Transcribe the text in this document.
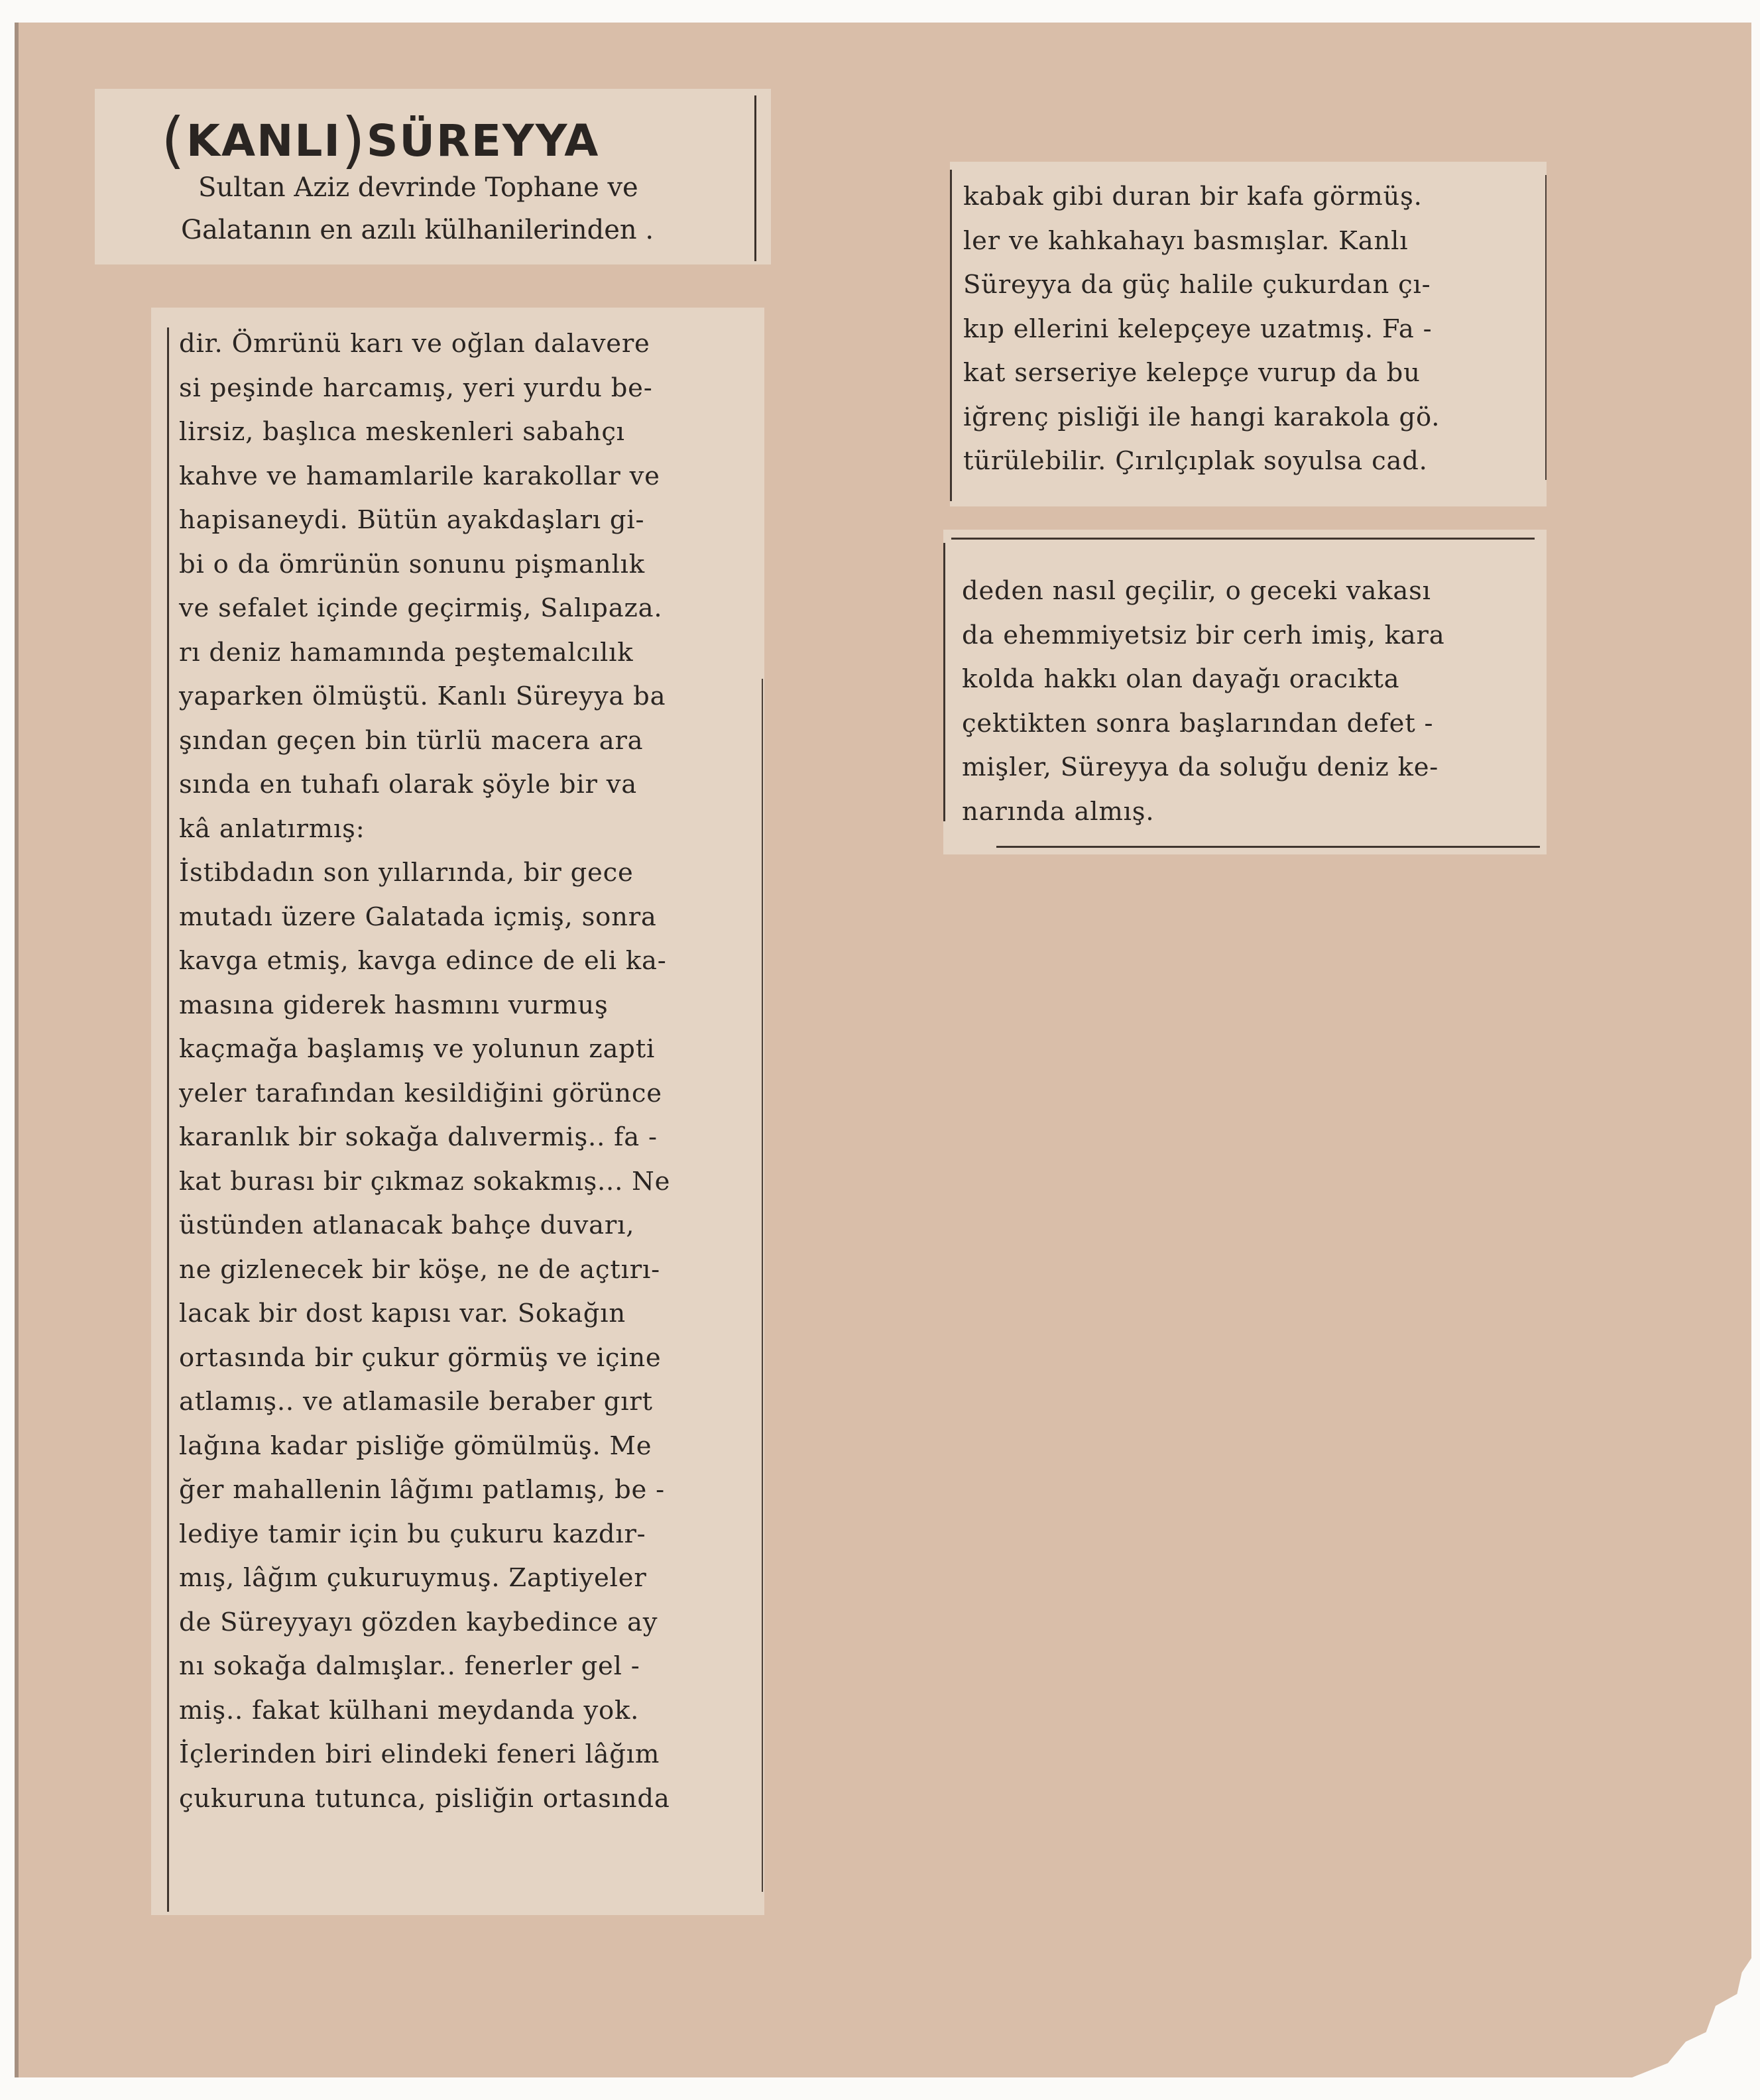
(KANLI)SÜREYYA

Sultan Aziz devrinde Tophane ve

Galatanın en azılı külhanilerinden .

dir. Ömrünü karı ve oğlan dalavere

si peşinde harcamış, yeri yurdu be-

lirsiz, başlıca meskenleri sabahçı

kahve ve hamamlarile karakollar ve

hapisaneydi. Bütün ayakdaşları gi-

bi o da ömrünün sonunu pişmanlık

ve sefalet içinde geçirmiş, Salıpaza.

rı deniz hamamında peştemalcılık

yaparken ölmüştü. Kanlı Süreyya ba

şından geçen bin türlü macera ara

sında en tuhafı olarak şöyle bir va

kâ anlatırmış:

İstibdadın son yıllarında, bir gece

mutadı üzere Galatada içmiş, sonra

kavga etmiş, kavga edince de eli ka-

masına giderek hasmını vurmuş

kaçmağa başlamış ve yolunun zapti

yeler tarafından kesildiğini görünce

karanlık bir sokağa dalıvermiş.. fa -

kat burası bir çıkmaz sokakmış... Ne

üstünden atlanacak bahçe duvarı,

ne gizlenecek bir köşe, ne de açtırı-

lacak bir dost kapısı var. Sokağın

ortasında bir çukur görmüş ve içine

atlamış.. ve atlamasile beraber gırt

lağına kadar pisliğe gömülmüş. Me

ğer mahallenin lâğımı patlamış, be -

lediye tamir için bu çukuru kazdır-

mış, lâğım çukuruymuş. Zaptiyeler

de Süreyyayı gözden kaybedince ay

nı sokağa dalmışlar.. fenerler gel -

miş.. fakat külhani meydanda yok.

İçlerinden biri elindeki feneri lâğım

çukuruna tutunca, pisliğin ortasında

kabak gibi duran bir kafa görmüş.

ler ve kahkahayı basmışlar. Kanlı

Süreyya da güç halile çukurdan çı-

kıp ellerini kelepçeye uzatmış. Fa -

kat serseriye kelepçe vurup da bu

iğrenç pisliği ile hangi karakola gö.

türülebilir. Çırılçıplak soyulsa cad.

deden nasıl geçilir, o geceki vakası

da ehemmiyetsiz bir cerh imiş, kara

kolda hakkı olan dayağı oracıkta

çektikten sonra başlarından defet -

mişler, Süreyya da soluğu deniz ke-

narında almış.
